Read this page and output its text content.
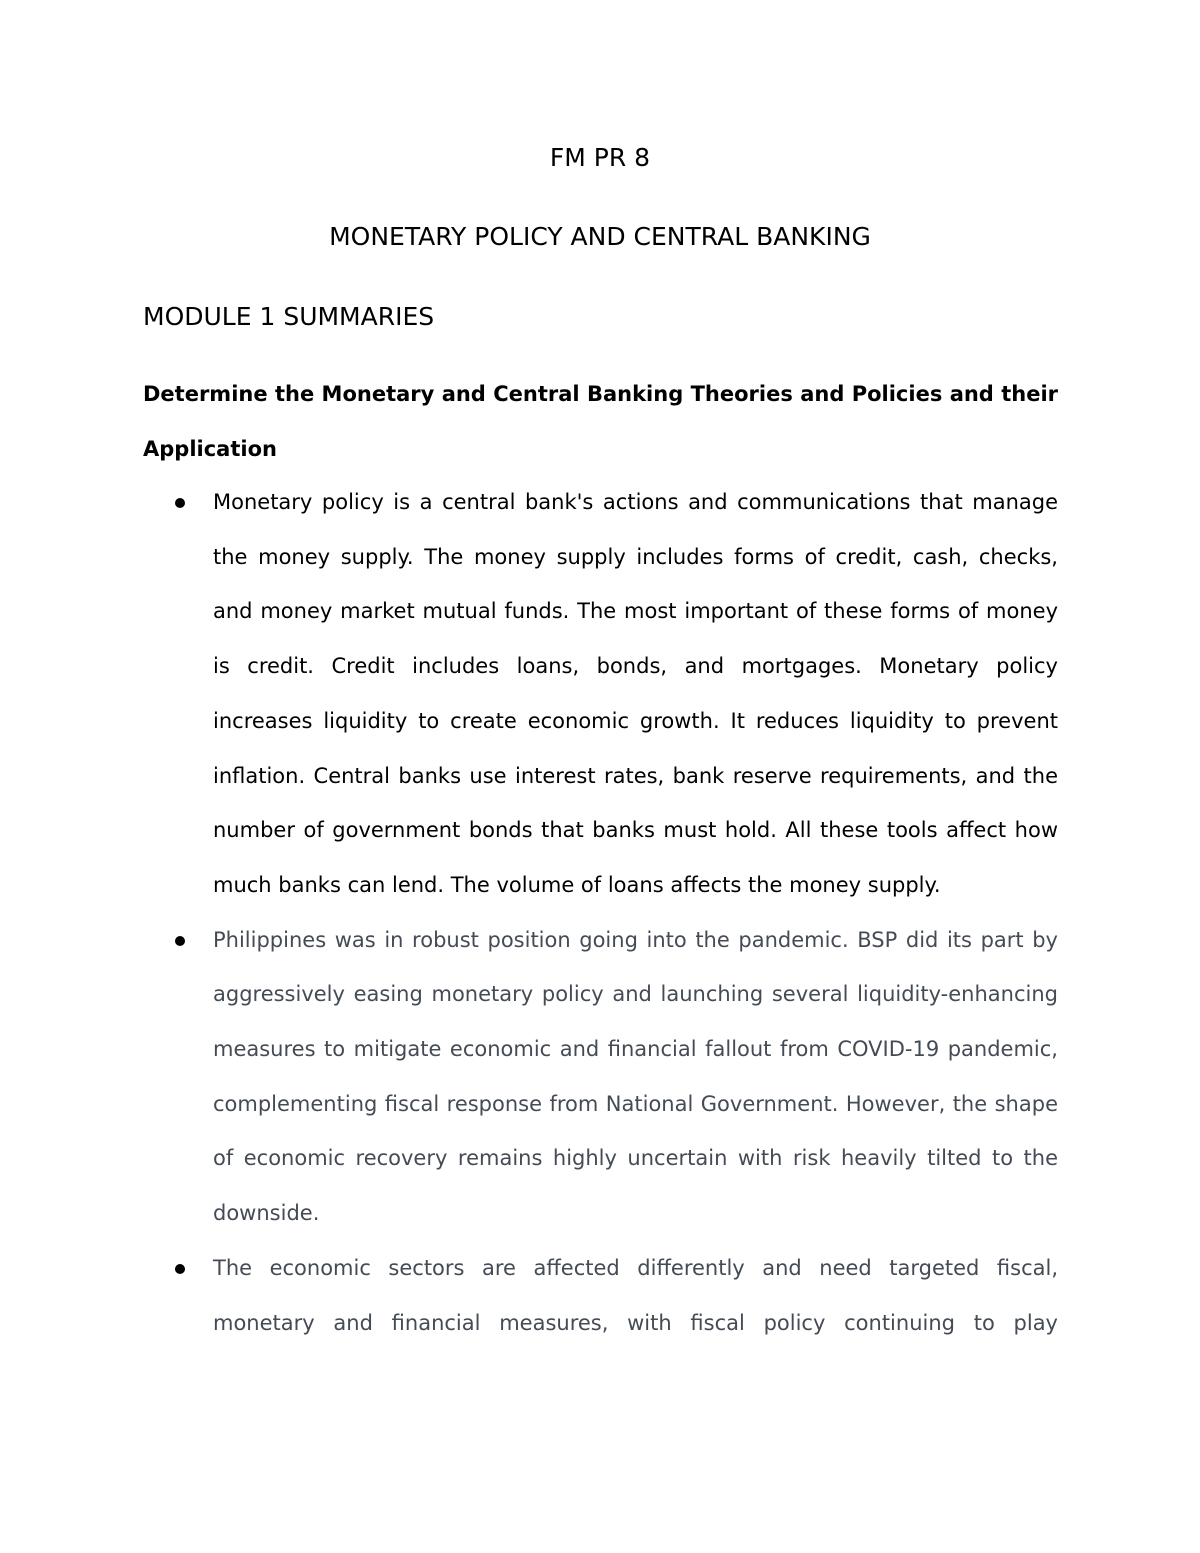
FM PR 8
MONETARY POLICY AND CENTRAL BANKING
MODULE 1 SUMMARIES

Determine the Monetary and Central Banking Theories and Policies and their Application

Monetary policy is a central bank's actions and communications that manage the money supply. The money supply includes forms of credit, cash, checks, and money market mutual funds. The most important of these forms of money is credit. Credit includes loans, bonds, and mortgages. Monetary policy increases liquidity to create economic growth. It reduces liquidity to prevent inflation. Central banks use interest rates, bank reserve requirements, and the number of government bonds that banks must hold. All these tools affect how much banks can lend. The volume of loans affects the money supply.
Philippines was in robust position going into the pandemic. BSP did its part by aggressively easing monetary policy and launching several liquidity-enhancing measures to mitigate economic and financial fallout from COVID-19 pandemic, complementing fiscal response from National Government. However, the shape of economic recovery remains highly uncertain with risk heavily tilted to the downside.
The economic sectors are affected differently and need targeted fiscal, monetary and financial measures, with fiscal policy continuing to play
